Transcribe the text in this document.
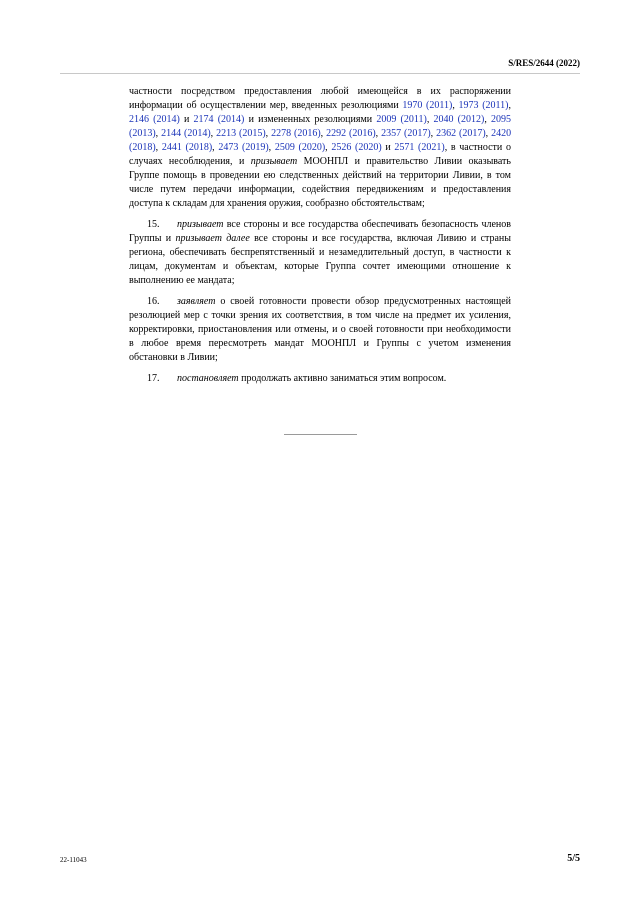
S/RES/2644 (2022)

частности посредством предоставления любой имеющейся в их распоряжении информации об осуществлении мер, введенных резолюциями 1970 (2011), 1973 (2011), 2146 (2014) и 2174 (2014) и измененных резолюциями 2009 (2011), 2040 (2012), 2095 (2013), 2144 (2014), 2213 (2015), 2278 (2016), 2292 (2016), 2357 (2017), 2362 (2017), 2420 (2018), 2441 (2018), 2473 (2019), 2509 (2020), 2526 (2020) и 2571 (2021), в частности о случаях несоблюдения, и призывает МООНПЛ и правительство Ливии оказывать Группе помощь в проведении ею следственных действий на территории Ливии, в том числе путем передачи информации, содействия передвижениям и предоставления доступа к складам для хранения оружия, сообразно обстоятельствам;

15. призывает все стороны и все государства обеспечивать безопасность членов Группы и призывает далее все стороны и все государства, включая Ливию и страны региона, обеспечивать беспрепятственный и незамедлительный доступ, в частности к лицам, документам и объектам, которые Группа сочтет имеющими отношение к выполнению ее мандата;

16. заявляет о своей готовности провести обзор предусмотренных настоящей резолюцией мер с точки зрения их соответствия, в том числе на предмет их усиления, корректировки, приостановления или отмены, и о своей готовности при необходимости в любое время пересмотреть мандат МООНПЛ и Группы с учетом изменения обстановки в Ливии;

17. постановляет продолжать активно заниматься этим вопросом.

22-11043	5/5
